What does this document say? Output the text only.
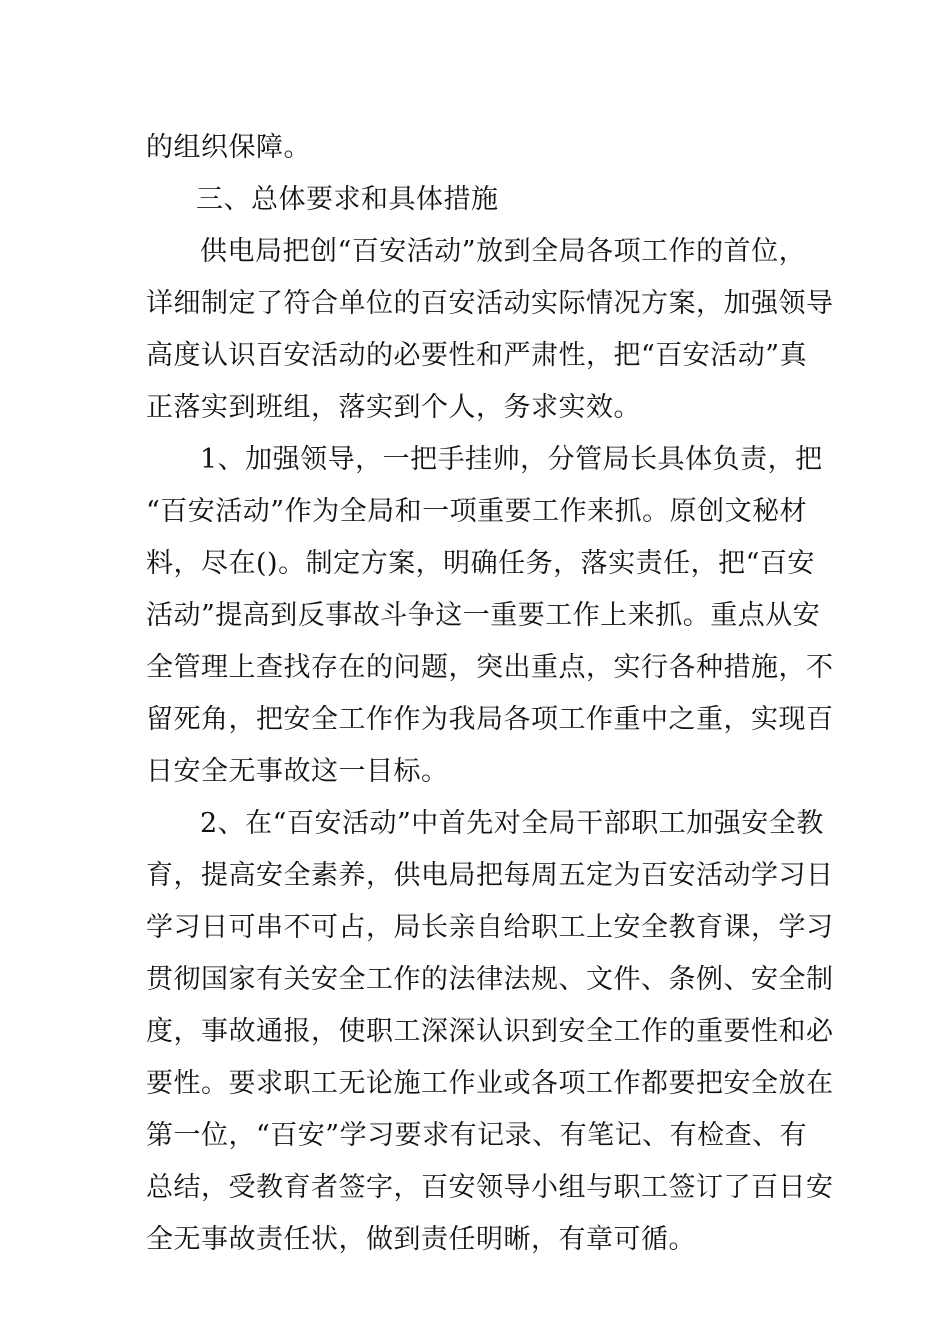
的组织保障。
三、总体要求和具体措施
供电局把创“百安活动”放到全局各项工作的首位，
详细制定了符合单位的百安活动实际情况方案，加强领导
高度认识百安活动的必要性和严肃性，把“百安活动”真
正落实到班组，落实到个人，务求实效。
1、加强领导，一把手挂帅，分管局长具体负责，把
“百安活动”作为全局和一项重要工作来抓。原创文秘材
料，尽在()。制定方案，明确任务，落实责任，把“百安
活动”提高到反事故斗争这一重要工作上来抓。重点从安
全管理上查找存在的问题，突出重点，实行各种措施，不
留死角，把安全工作作为我局各项工作重中之重，实现百
日安全无事故这一目标。
2、在“百安活动”中首先对全局干部职工加强安全教
育，提高安全素养，供电局把每周五定为百安活动学习日
学习日可串不可占，局长亲自给职工上安全教育课，学习
贯彻国家有关安全工作的法律法规、文件、条例、安全制
度，事故通报，使职工深深认识到安全工作的重要性和必
要性。要求职工无论施工作业或各项工作都要把安全放在
第一位，“百安”学习要求有记录、有笔记、有检查、有
总结，受教育者签字，百安领导小组与职工签订了百日安
全无事故责任状，做到责任明晰，有章可循。
